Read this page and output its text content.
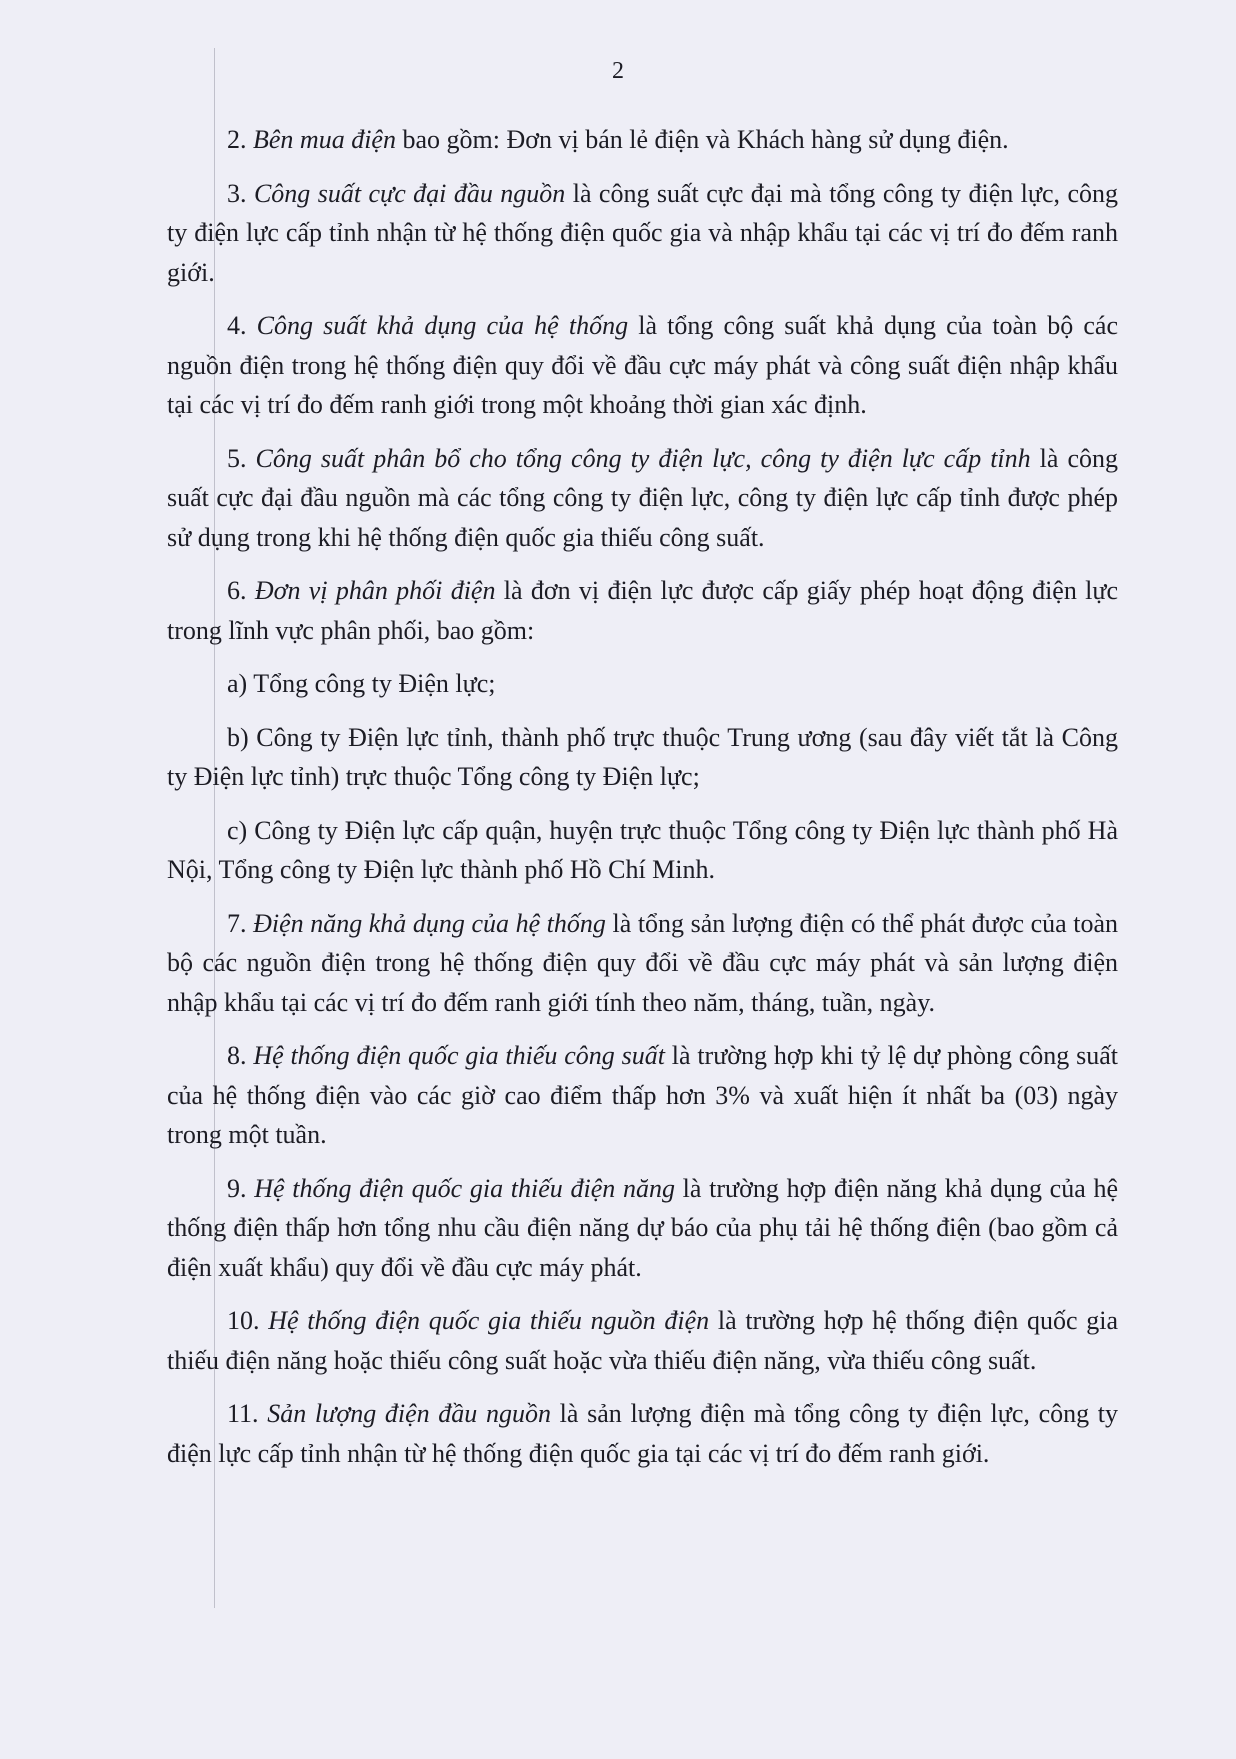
2

2. Bên mua điện bao gồm: Đơn vị bán lẻ điện và Khách hàng sử dụng điện.

3. Công suất cực đại đầu nguồn là công suất cực đại mà tổng công ty điện lực, công ty điện lực cấp tỉnh nhận từ hệ thống điện quốc gia và nhập khẩu tại các vị trí đo đếm ranh giới.

4. Công suất khả dụng của hệ thống là tổng công suất khả dụng của toàn bộ các nguồn điện trong hệ thống điện quy đổi về đầu cực máy phát và công suất điện nhập khẩu tại các vị trí đo đếm ranh giới trong một khoảng thời gian xác định.

5. Công suất phân bổ cho tổng công ty điện lực, công ty điện lực cấp tỉnh là công suất cực đại đầu nguồn mà các tổng công ty điện lực, công ty điện lực cấp tỉnh được phép sử dụng trong khi hệ thống điện quốc gia thiếu công suất.

6. Đơn vị phân phối điện là đơn vị điện lực được cấp giấy phép hoạt động điện lực trong lĩnh vực phân phối, bao gồm:

a) Tổng công ty Điện lực;

b) Công ty Điện lực tỉnh, thành phố trực thuộc Trung ương (sau đây viết tắt là Công ty Điện lực tỉnh) trực thuộc Tổng công ty Điện lực;

c) Công ty Điện lực cấp quận, huyện trực thuộc Tổng công ty Điện lực thành phố Hà Nội, Tổng công ty Điện lực thành phố Hồ Chí Minh.

7. Điện năng khả dụng của hệ thống là tổng sản lượng điện có thể phát được của toàn bộ các nguồn điện trong hệ thống điện quy đổi về đầu cực máy phát và sản lượng điện nhập khẩu tại các vị trí đo đếm ranh giới tính theo năm, tháng, tuần, ngày.

8. Hệ thống điện quốc gia thiếu công suất là trường hợp khi tỷ lệ dự phòng công suất của hệ thống điện vào các giờ cao điểm thấp hơn 3% và xuất hiện ít nhất ba (03) ngày trong một tuần.

9. Hệ thống điện quốc gia thiếu điện năng là trường hợp điện năng khả dụng của hệ thống điện thấp hơn tổng nhu cầu điện năng dự báo của phụ tải hệ thống điện (bao gồm cả điện xuất khẩu) quy đổi về đầu cực máy phát.

10. Hệ thống điện quốc gia thiếu nguồn điện là trường hợp hệ thống điện quốc gia thiếu điện năng hoặc thiếu công suất hoặc vừa thiếu điện năng, vừa thiếu công suất.

11. Sản lượng điện đầu nguồn là sản lượng điện mà tổng công ty điện lực, công ty điện lực cấp tỉnh nhận từ hệ thống điện quốc gia tại các vị trí đo đếm ranh giới.
